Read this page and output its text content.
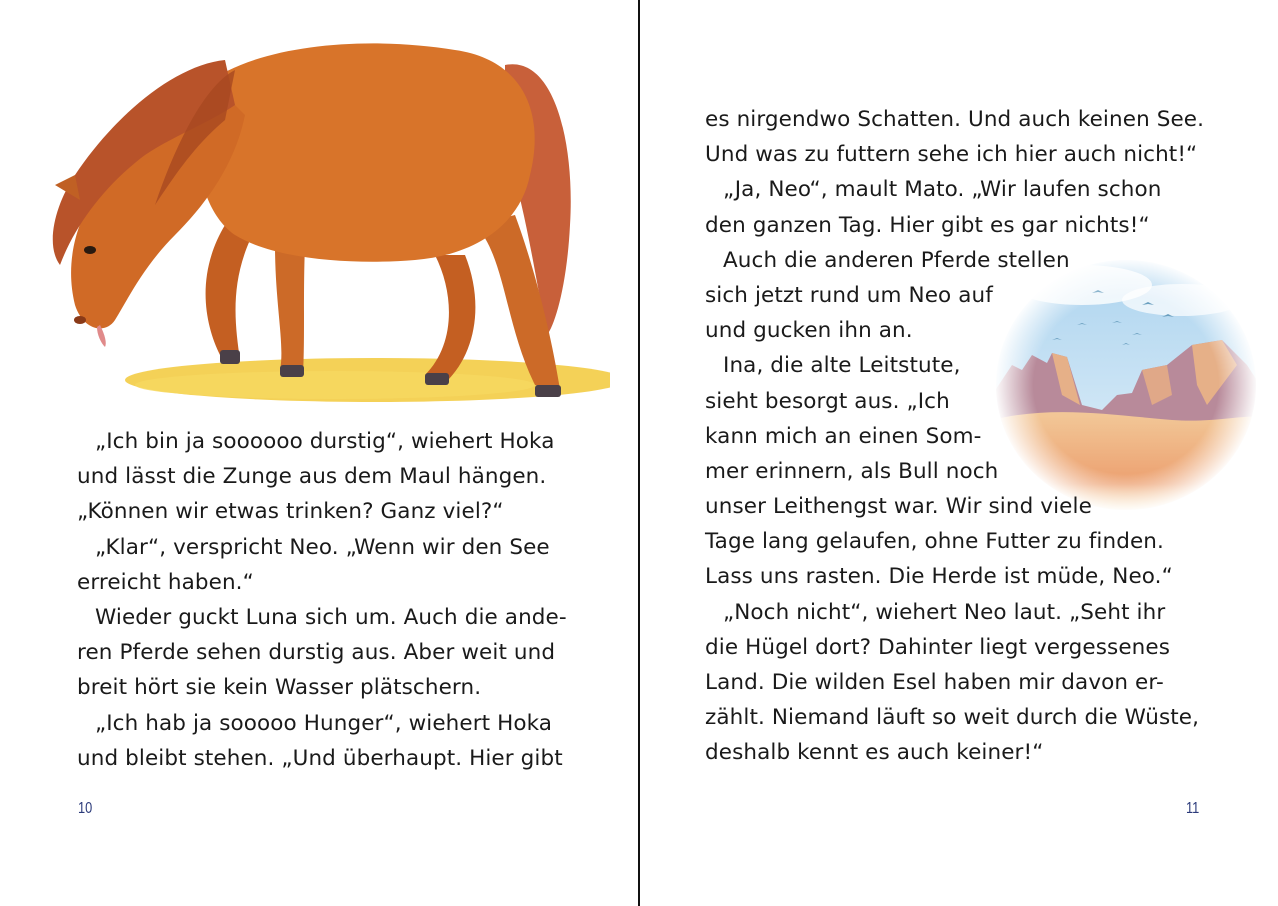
„Ich bin ja soooooo durstig“, wiehert Hoka
und lässt die Zunge aus dem Maul hängen.
„Können wir etwas trinken? Ganz viel?“
„Klar“, verspricht Neo. „Wenn wir den See
erreicht haben.“
Wieder guckt Luna sich um. Auch die ande-
ren Pferde sehen durstig aus. Aber weit und
breit hört sie kein Wasser plätschern.
„Ich hab ja sooooo Hunger“, wiehert Hoka
und bleibt stehen. „Und überhaupt. Hier gibt
10
es nirgendwo Schatten. Und auch keinen See.
Und was zu futtern sehe ich hier auch nicht!“
„Ja, Neo“, mault Mato. „Wir laufen schon
den ganzen Tag. Hier gibt es gar nichts!“
Auch die anderen Pferde stellen
sich jetzt rund um Neo auf
und gucken ihn an.
Ina, die alte Leitstute,
sieht besorgt aus. „Ich
kann mich an einen Som-
mer erinnern, als Bull noch
unser Leithengst war. Wir sind viele
Tage lang gelaufen, ohne Futter zu finden.
Lass uns rasten. Die Herde ist müde, Neo.“
„Noch nicht“, wiehert Neo laut. „Seht ihr
die Hügel dort? Dahinter liegt vergessenes
Land. Die wilden Esel haben mir davon er-
zählt. Niemand läuft so weit durch die Wüste,
deshalb kennt es auch keiner!“
11
